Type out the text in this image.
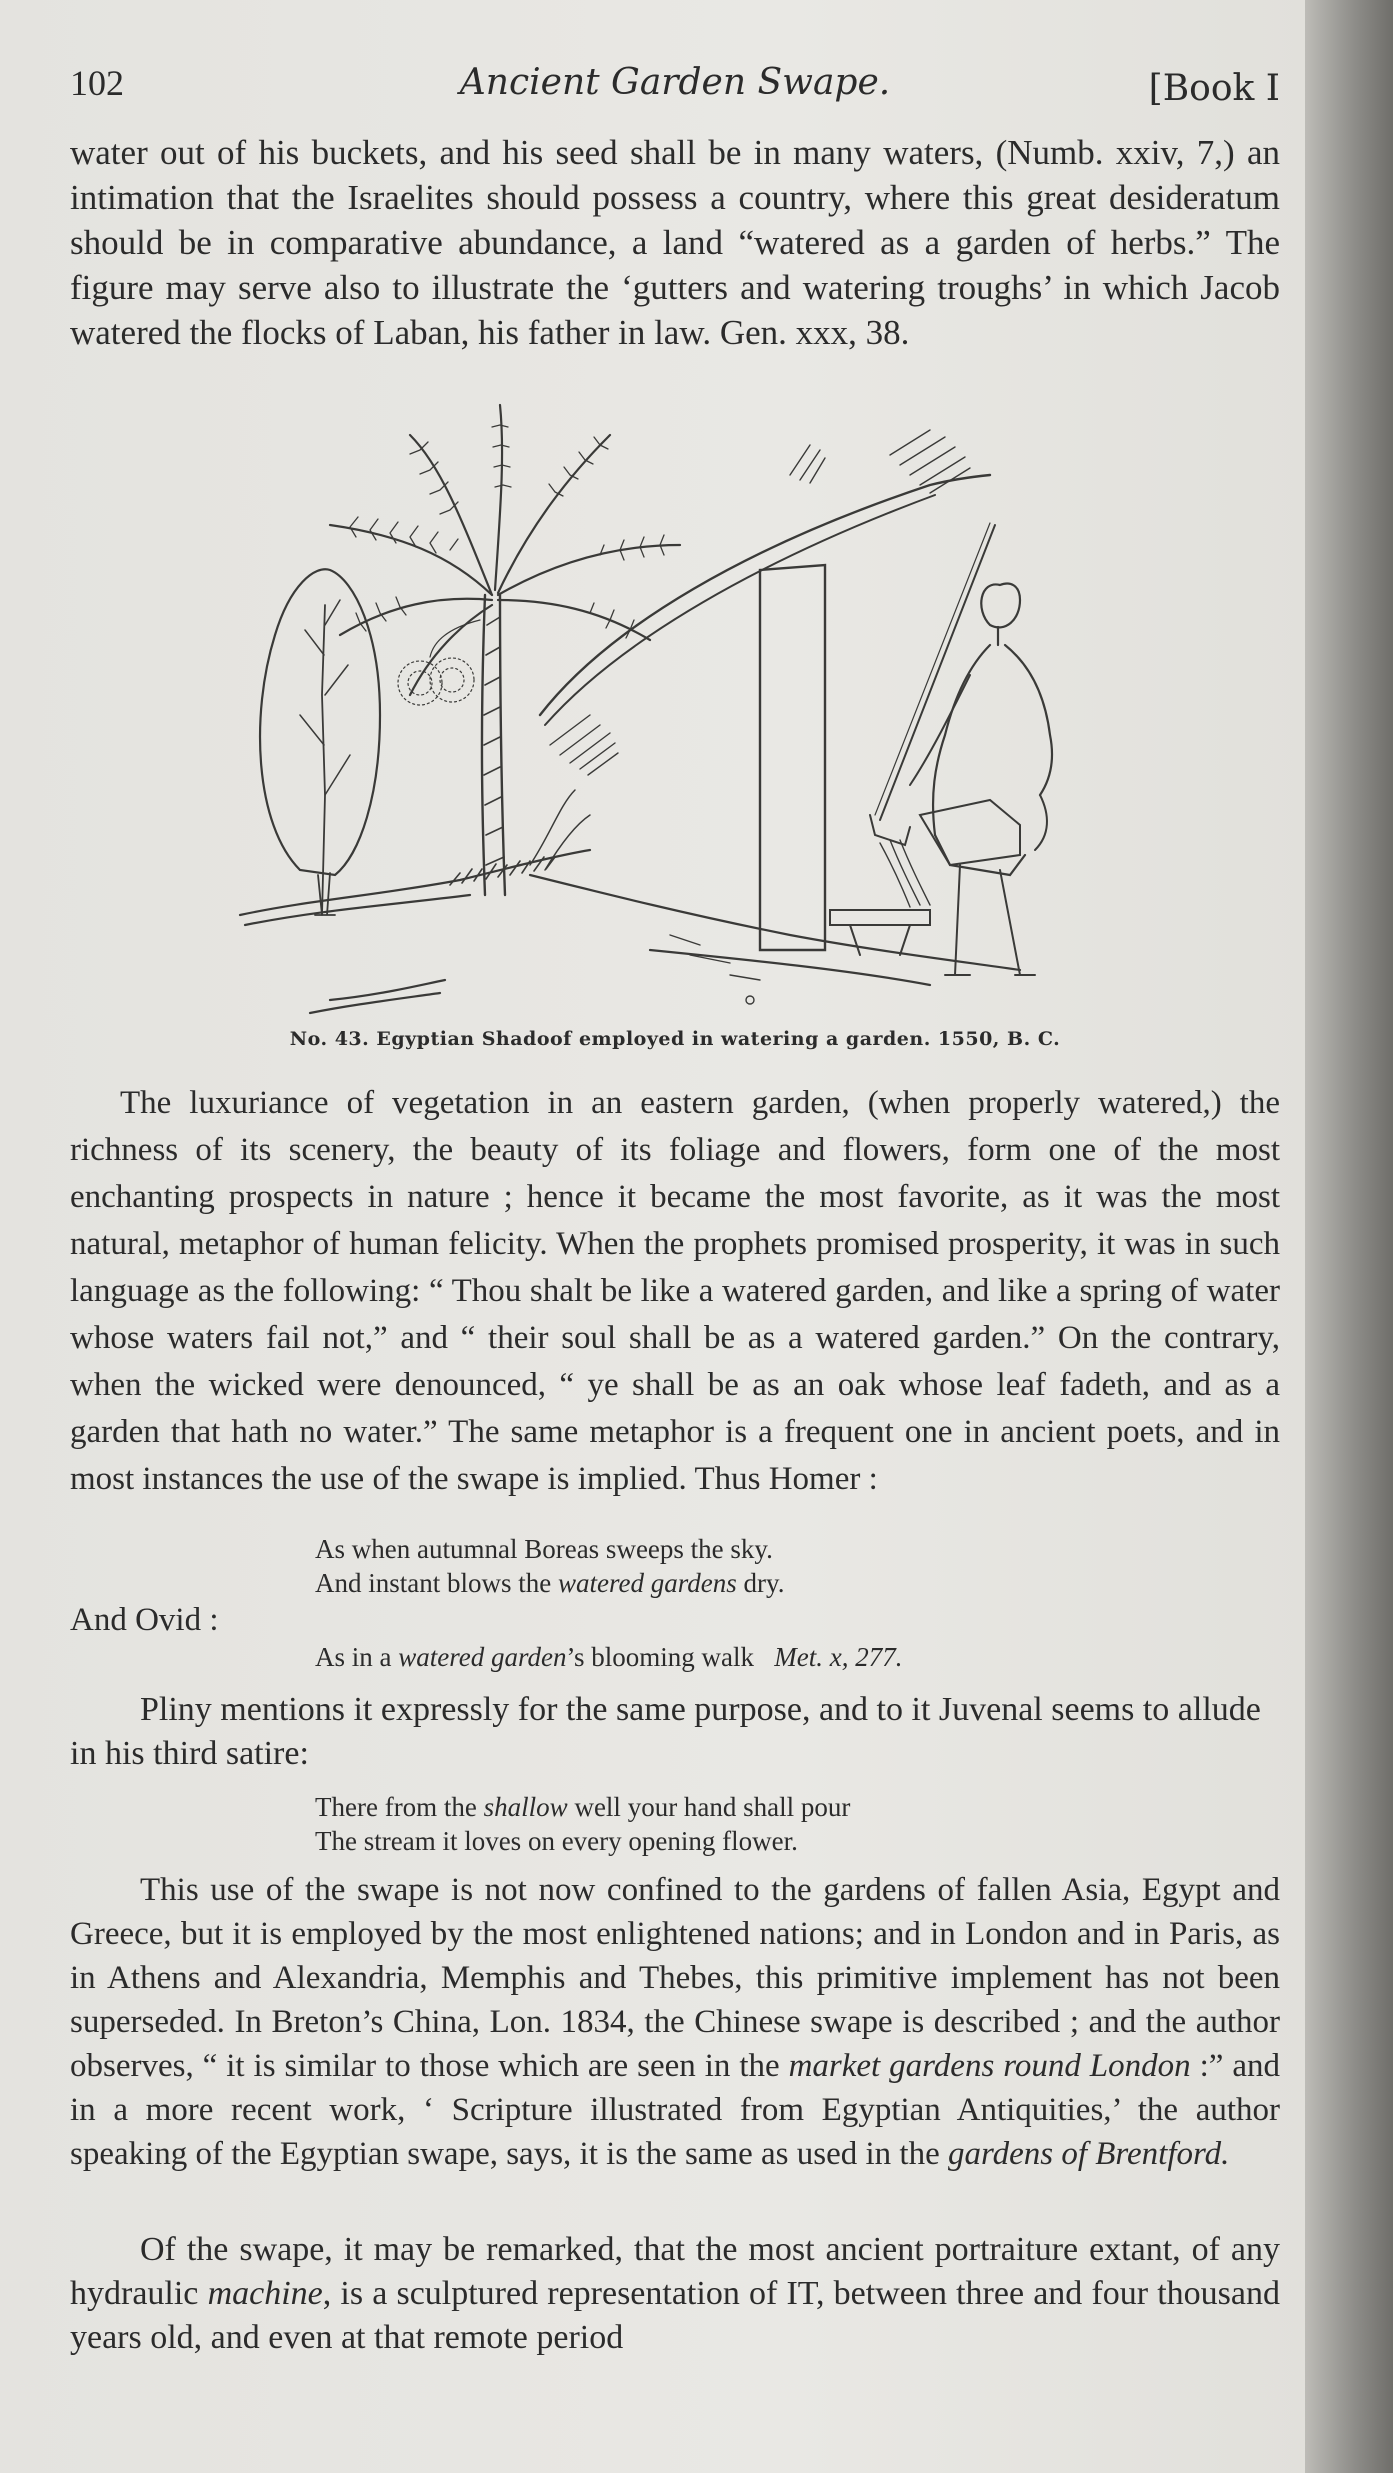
102	Ancient Garden Swape.	[Book I

water out of his buckets, and his seed shall be in many waters, (Numb. xxiv, 7,) an intimation that the Israelites should possess a country, where this great desideratum should be in comparative abundance, a land “watered as a garden of herbs.” The figure may serve also to illustrate the ‘gutters and watering troughs’ in which Jacob watered the flocks of Laban, his father in law. Gen. xxx, 38.

No. 43. Egyptian Shadoof employed in watering a garden. 1550, B. C.

The luxuriance of vegetation in an eastern garden, (when properly watered,) the richness of its scenery, the beauty of its foliage and flowers, form one of the most enchanting prospects in nature ; hence it became the most favorite, as it was the most natural, metaphor of human felicity. When the prophets promised prosperity, it was in such language as the following: “ Thou shalt be like a watered garden, and like a spring of water whose waters fail not,” and “ their soul shall be as a watered garden.” On the contrary, when the wicked were denounced, “ ye shall be as an oak whose leaf fadeth, and as a garden that hath no water.” The same metaphor is a frequent one in ancient poets, and in most instances the use of the swape is implied. Thus Homer :

As when autumnal Boreas sweeps the sky.
And instant blows the watered gardens dry.
And Ovid :
As in a watered garden’s blooming walk Met. x, 277.

Pliny mentions it expressly for the same purpose, and to it Juvenal seems to allude in his third satire:

There from the shallow well your hand shall pour
The stream it loves on every opening flower.

This use of the swape is not now confined to the gardens of fallen Asia, Egypt and Greece, but it is employed by the most enlightened nations; and in London and in Paris, as in Athens and Alexandria, Memphis and Thebes, this primitive implement has not been superseded. In Breton’s China, Lon. 1834, the Chinese swape is described ; and the author observes, “ it is similar to those which are seen in the market gardens round London :” and in a more recent work, ‘ Scripture illustrated from Egyptian Antiquities,’ the author speaking of the Egyptian swape, says, it is the same as used in the gardens of Brentford.

Of the swape, it may be remarked, that the most ancient portraiture extant, of any hydraulic machine, is a sculptured representation of IT, between three and four thousand years old, and even at that remote period
